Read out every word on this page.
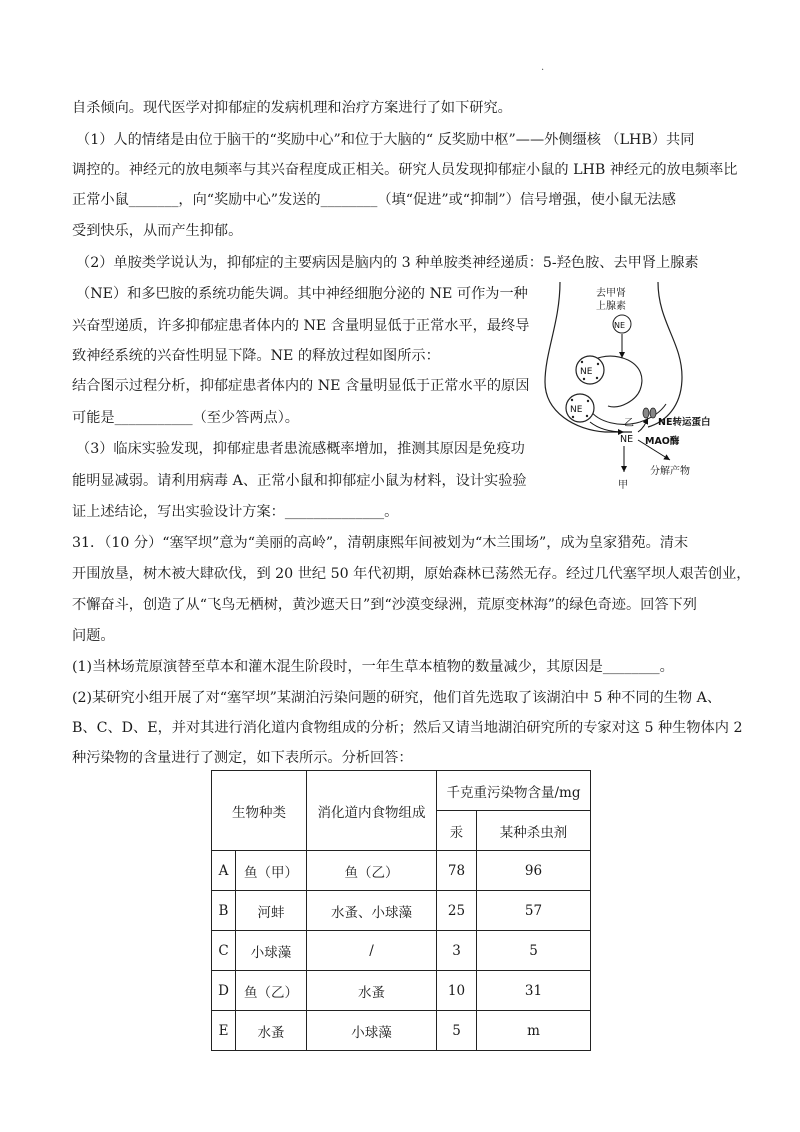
.
自杀倾向。现代医学对抑郁症的发病机理和治疗方案进行了如下研究。
（1）人的情绪是由位于脑干的“奖励中心”和位于大脑的“ 反奖励中枢”——外侧缰核 （LHB）共同
调控的。神经元的放电频率与其兴奋程度成正相关。研究人员发现抑郁症小鼠的 LHB 神经元的放电频率比
正常小鼠_______，向“奖励中心”发送的________（填“促进”或“抑制”）信号增强，使小鼠无法感
受到快乐，从而产生抑郁。
（2）单胺类学说认为，抑郁症的主要病因是脑内的 3 种单胺类神经递质：5-羟色胺、去甲肾上腺素
（NE）和多巴胺的系统功能失调。其中神经细胞分泌的 NE 可作为一种
兴奋型递质，许多抑郁症患者体内的 NE 含量明显低于正常水平，最终导
致神经系统的兴奋性明显下降。NE 的释放过程如图所示：
结合图示过程分析，抑郁症患者体内的 NE 含量明显低于正常水平的原因
可能是___________（至少答两点）。
（3）临床实验发现，抑郁症患者患流感概率增加，推测其原因是免疫功
能明显减弱。请利用病毒 A、正常小鼠和抑郁症小鼠为材料，设计实验验
证上述结论，写出实验设计方案：______________。
31．（10 分）“塞罕坝”意为“美丽的高岭”，清朝康熙年间被划为“木兰围场”，成为皇家猎苑。清末
开围放垦，树木被大肆砍伐，到 20 世纪 50 年代初期，原始森林已荡然无存。经过几代塞罕坝人艰苦创业，
不懈奋斗，创造了从“飞鸟无栖树，黄沙遮天日”到“沙漠变绿洲，荒原变林海”的绿色奇迹。回答下列
问题。
(1)当林场荒原演替至草本和灌木混生阶段时，一年生草本植物的数量减少，其原因是________。
(2)某研究小组开展了对“塞罕坝”某湖泊污染问题的研究，他们首先选取了该湖泊中 5 种不同的生物 A、
B、C、D、E，并对其进行消化道内食物组成的分析；然后又请当地湖泊研究所的专家对这 5 种生物体内 2
种污染物的含量进行了测定，如下表所示。分析回答：
去甲肾
上腺素
NE
NE
NE
乙	NE转运蛋白
NE MAO酶
分解产物
甲
生物种类		消化道内食物组成	千克重污染物含量/mg	
			汞	某种杀虫剂
A	鱼（甲）	鱼（乙）	78	96
B	河蚌	水蚤、小球藻	25	57
C	小球藻	/	3	5
D	鱼（乙）	水蚤	10	31
E	水蚤	小球藻	5	m
